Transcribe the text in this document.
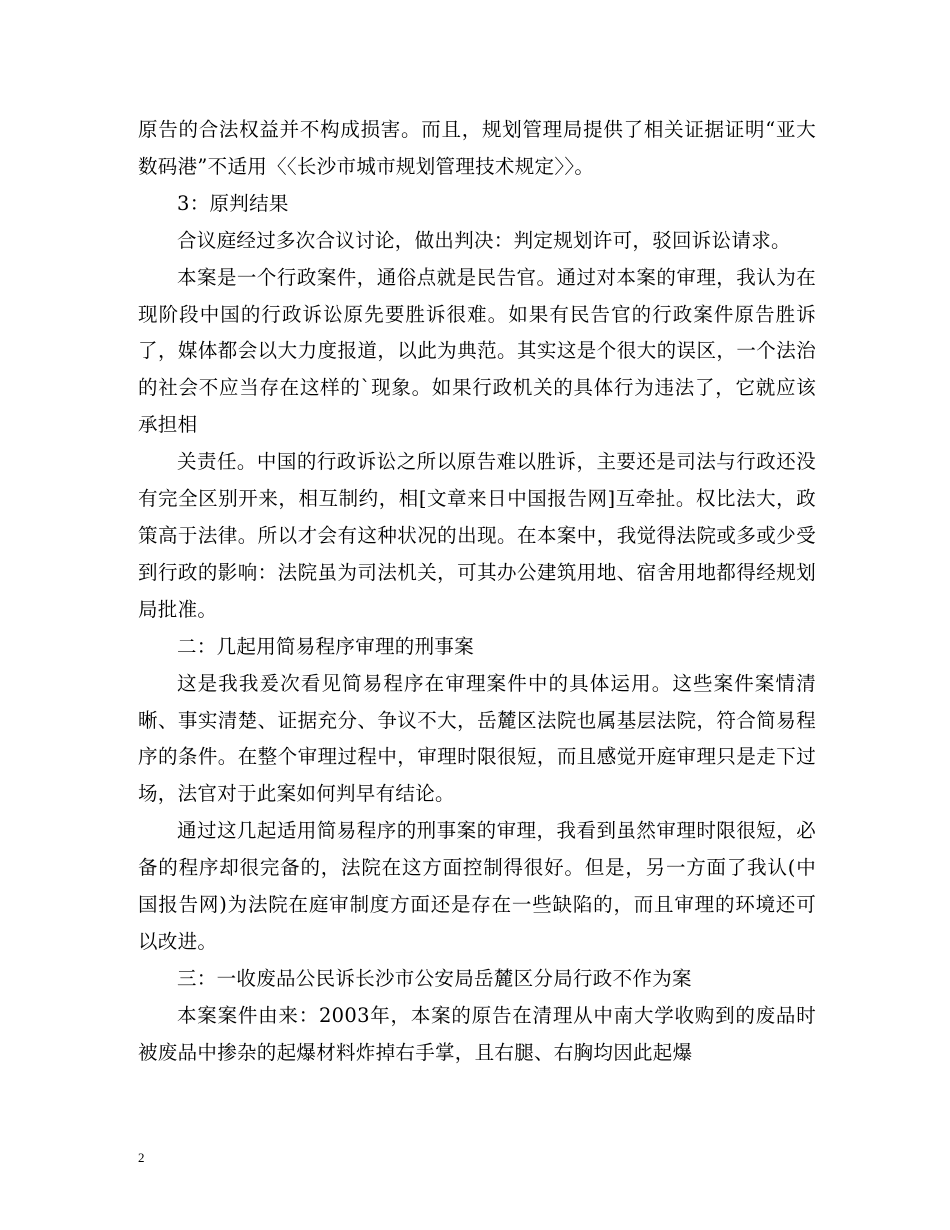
原告的合法权益并不构成损害。而且，规划管理局提供了相关证据证明“亚大数码港”不适用〈〈长沙市城市规划管理技术规定〉〉。

3：原判结果

合议庭经过多次合议讨论，做出判决：判定规划许可，驳回诉讼请求。

本案是一个行政案件，通俗点就是民告官。通过对本案的审理，我认为在现阶段中国的行政诉讼原先要胜诉很难。如果有民告官的行政案件原告胜诉了，媒体都会以大力度报道，以此为典范。其实这是个很大的误区，一个法治的社会不应当存在这样的`现象。如果行政机关的具体行为违法了，它就应该承担相

关责任。中国的行政诉讼之所以原告难以胜诉，主要还是司法与行政还没有完全区别开来，相互制约，相[文章来日中国报告网]互牵扯。权比法大，政策高于法律。所以才会有这种状况的出现。在本案中，我觉得法院或多或少受到行政的影响：法院虽为司法机关，可其办公建筑用地、宿舍用地都得经规划局批准。

二：几起用简易程序审理的刑事案

这是我我爰次看见简易程序在审理案件中的具体运用。这些案件案情清晰、事实清楚、证据充分、争议不大，岳麓区法院也属基层法院，符合简易程序的条件。在整个审理过程中，审理时限很短，而且感觉开庭审理只是走下过场，法官对于此案如何判早有结论。

通过这几起适用简易程序的刑事案的审理，我看到虽然审理时限很短，必备的程序却很完备的，法院在这方面控制得很好。但是，另一方面了我认(中国报告网)为法院在庭审制度方面还是存在一些缺陷的，而且审理的环境还可以改进。

三：一收废品公民诉长沙市公安局岳麓区分局行政不作为案

本案案件由来：2003年，本案的原告在清理从中南大学收购到的废品时被废品中掺杂的起爆材料炸掉右手掌，且右腿、右胸均因此起爆

2
